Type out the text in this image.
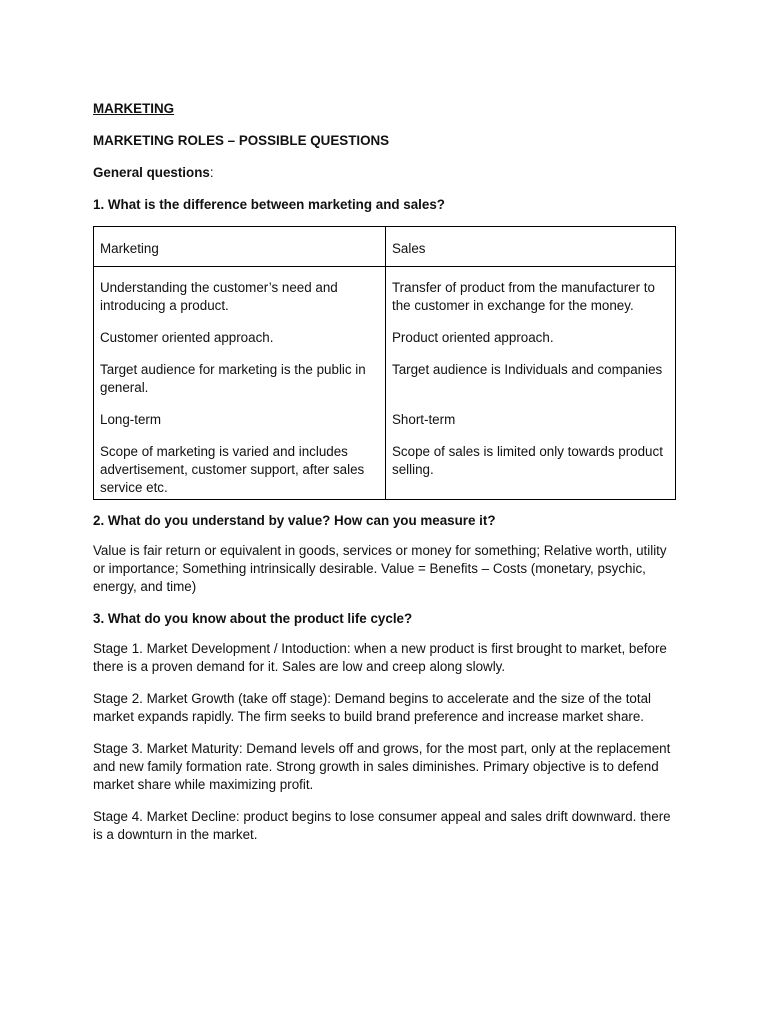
MARKETING
MARKETING ROLES – POSSIBLE QUESTIONS
General questions:
1. What is the difference between marketing and sales?
Marketing	Sales
Understanding the customer’s need and introducing a product.	Transfer of product from the manufacturer to the customer in exchange for the money.
Customer oriented approach.	Product oriented approach.
Target audience for marketing is the public in general.	Target audience is Individuals and companies
Long-term	Short-term
Scope of marketing is varied and includes advertisement, customer support, after sales service etc.	Scope of sales is limited only towards product selling.
2. What do you understand by value? How can you measure it?

Value is fair return or equivalent in goods, services or money for something; Relative worth, utility or importance; Something intrinsically desirable. Value = Benefits – Costs (monetary, psychic, energy, and time)

3. What do you know about the product life cycle?

Stage 1. Market Development / Intoduction: when a new product is first brought to market, before there is a proven demand for it. Sales are low and creep along slowly.

Stage 2. Market Growth (take off stage): Demand begins to accelerate and the size of the total market expands rapidly. The firm seeks to build brand preference and increase market share.

Stage 3. Market Maturity: Demand levels off and grows, for the most part, only at the replacement and new family formation rate. Strong growth in sales diminishes. Primary objective is to defend market share while maximizing profit.

Stage 4. Market Decline: product begins to lose consumer appeal and sales drift downward. there is a downturn in the market.
